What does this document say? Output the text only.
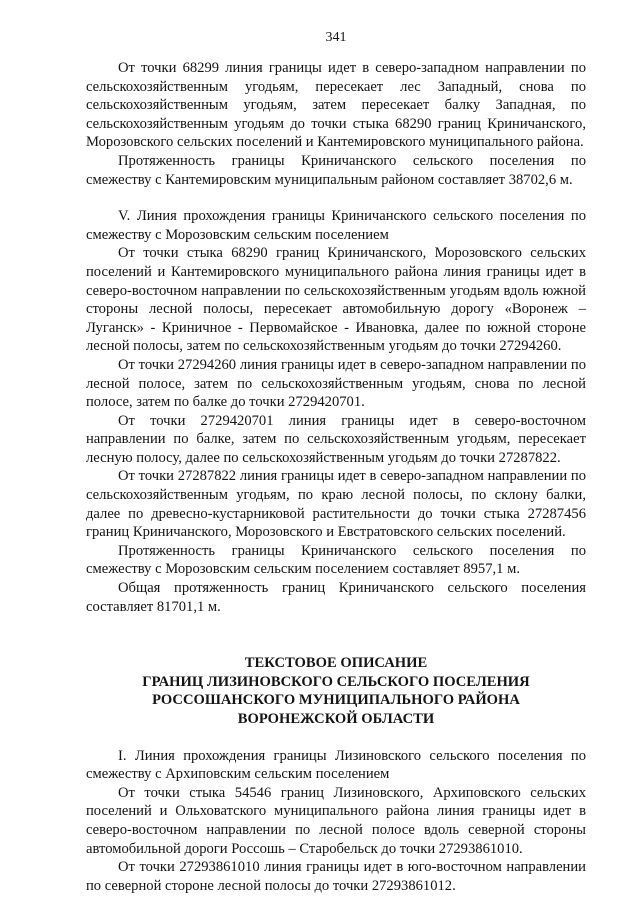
341

От точки 68299 линия границы идет в северо-западном направлении по сельскохозяйственным угодьям, пересекает лес Западный, снова по сельскохозяйственным угодьям, затем пересекает балку Западная, по сельскохозяйственным угодьям до точки стыка 68290 границ Криничанского, Морозовского сельских поселений и Кантемировского муниципального района.

Протяженность границы Криничанского сельского поселения по смежеству с Кантемировским муниципальным районом составляет 38702,6 м.

V. Линия прохождения границы Криничанского сельского поселения по смежеству с Морозовским сельским поселением

От точки стыка 68290 границ Криничанского, Морозовского сельских поселений и Кантемировского муниципального района линия границы идет в северо-восточном направлении по сельскохозяйственным угодьям вдоль южной стороны лесной полосы, пересекает автомобильную дорогу «Воронеж – Луганск» - Криничное - Первомайское - Ивановка, далее по южной стороне лесной полосы, затем по сельскохозяйственным угодьям до точки 27294260.

От точки 27294260 линия границы идет в северо-западном направлении по лесной полосе, затем по сельскохозяйственным угодьям, снова по лесной полосе, затем по балке до точки 2729420701.

От точки 2729420701 линия границы идет в северо-восточном направлении по балке, затем по сельскохозяйственным угодьям, пересекает лесную полосу, далее по сельскохозяйственным угодьям до точки 27287822.

От точки 27287822 линия границы идет в северо-западном направлении по сельскохозяйственным угодьям, по краю лесной полосы, по склону балки, далее по древесно-кустарниковой растительности до точки стыка 27287456 границ Криничанского, Морозовского и Евстратовского сельских поселений.

Протяженность границы Криничанского сельского поселения по смежеству с Морозовским сельским поселением составляет 8957,1 м.

Общая протяженность границ Криничанского сельского поселения составляет 81701,1 м.

ТЕКСТОВОЕ ОПИСАНИЕ
ГРАНИЦ ЛИЗИНОВСКОГО СЕЛЬСКОГО ПОСЕЛЕНИЯ
РОССОШАНСКОГО МУНИЦИПАЛЬНОГО РАЙОНА
ВОРОНЕЖСКОЙ ОБЛАСТИ

I. Линия прохождения границы Лизиновского сельского поселения по смежеству с Архиповским сельским поселением

От точки стыка 54546 границ Лизиновского, Архиповского сельских поселений и Ольховатского муниципального района линия границы идет в северо-восточном направлении по лесной полосе вдоль северной стороны автомобильной дороги Россошь – Старобельск до точки 27293861010.

От точки 27293861010 линия границы идет в юго-восточном направлении по северной стороне лесной полосы до точки 27293861012.
